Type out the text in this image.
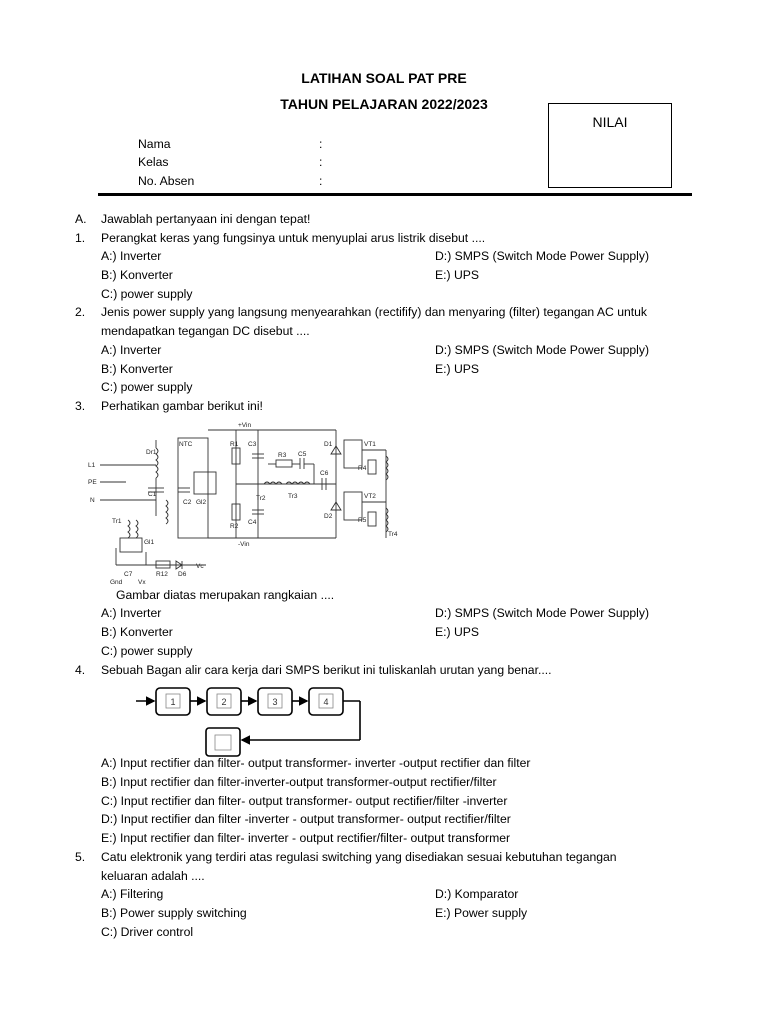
LATIHAN SOAL PAT PRE
TAHUN PELAJARAN 2022/2023
NILAI
Nama	:
Kelas	:
No. Absen	:
A. Jawablah pertanyaan ini dengan tepat!
1. Perangkat keras yang fungsinya untuk menyuplai arus listrik disebut ....
A:) Inverter
B:) Konverter
C:) power supply
D:) SMPS (Switch Mode Power Supply)
E:) UPS
2. Jenis power supply yang langsung menyearahkan (rectifify) dan menyaring (filter) tegangan AC untuk
mendapatkan tegangan DC disebut ....
A:) Inverter
B:) Konverter
C:) power supply
D:) SMPS (Switch Mode Power Supply)
E:) UPS
3. Perhatikan gambar berikut ini!
+Vin
-Vin
L1
PE
N
Dr1
NTC
C1
C2 Gl2
Tr1
Gl1
R1
R2
C3
C4
Tr2
R3 C5
Tr3
C6
D1
D2
VT1
VT2
R4
R5
Tr4
C7	R12 D6
Vc
Gnd Vx
Gambar diatas merupakan rangkaian ....
A:) Inverter
B:) Konverter
C:) power supply
D:) SMPS (Switch Mode Power Supply)
E:) UPS
4. Sebuah Bagan alir cara kerja dari SMPS berikut ini tuliskanlah urutan yang benar....
1	2	3	4
A:) Input rectifier dan filter- output transformer- inverter -output rectifier dan filter
B:) Input rectifier dan filter-inverter-output transformer-output rectifier/filter
C:) Input rectifier dan filter- output transformer- output rectifier/filter -inverter
D:) Input rectifier dan filter -inverter - output transformer- output rectifier/filter
E:) Input rectifier dan filter- inverter - output rectifier/filter- output transformer
5. Catu elektronik yang terdiri atas regulasi switching yang disediakan sesuai kebutuhan tegangan
keluaran adalah ....
A:) Filtering
B:) Power supply switching
C:) Driver control
D:) Komparator
E:) Power supply
